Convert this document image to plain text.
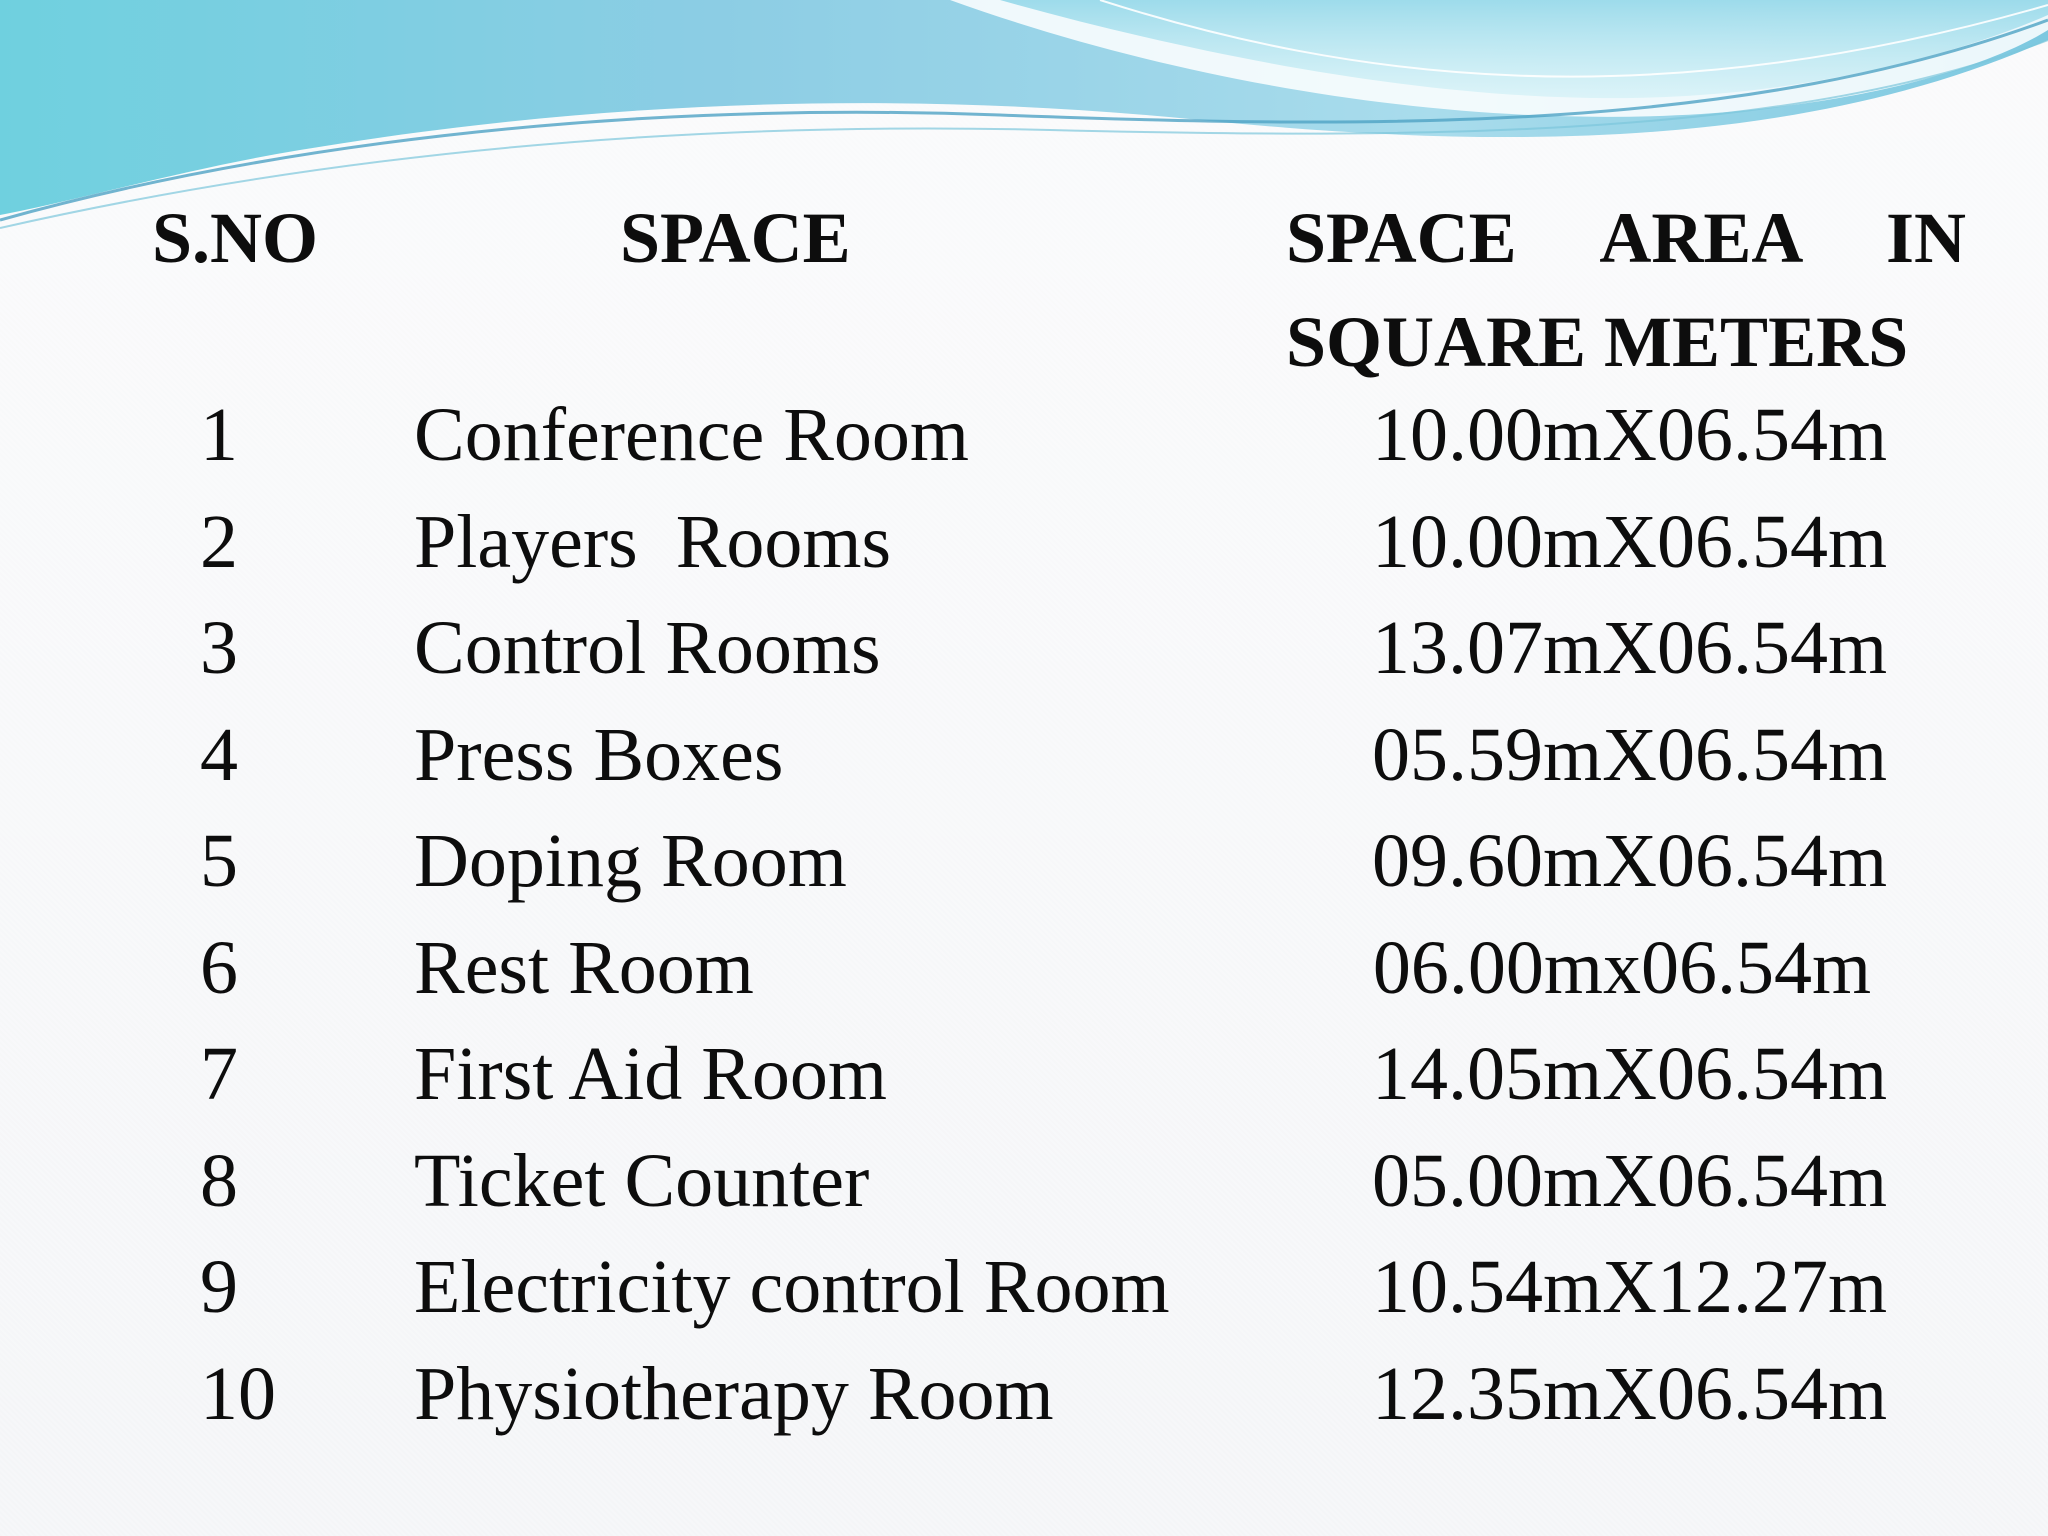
S.NO	SPACE	SPACE AREA IN
SQUARE METERS
1 Conference Room	10.00mX06.54m
2 Players  Rooms	10.00mX06.54m
3 Control Rooms	13.07mX06.54m
4 Press Boxes	05.59mX06.54m
5 Doping Room	09.60mX06.54m
6 Rest Room	06.00mx06.54m
7 First Aid Room	14.05mX06.54m
8 Ticket Counter	05.00mX06.54m
9 Electricity control Room	10.54mX12.27m
10 Physiotherapy Room	12.35mX06.54m
